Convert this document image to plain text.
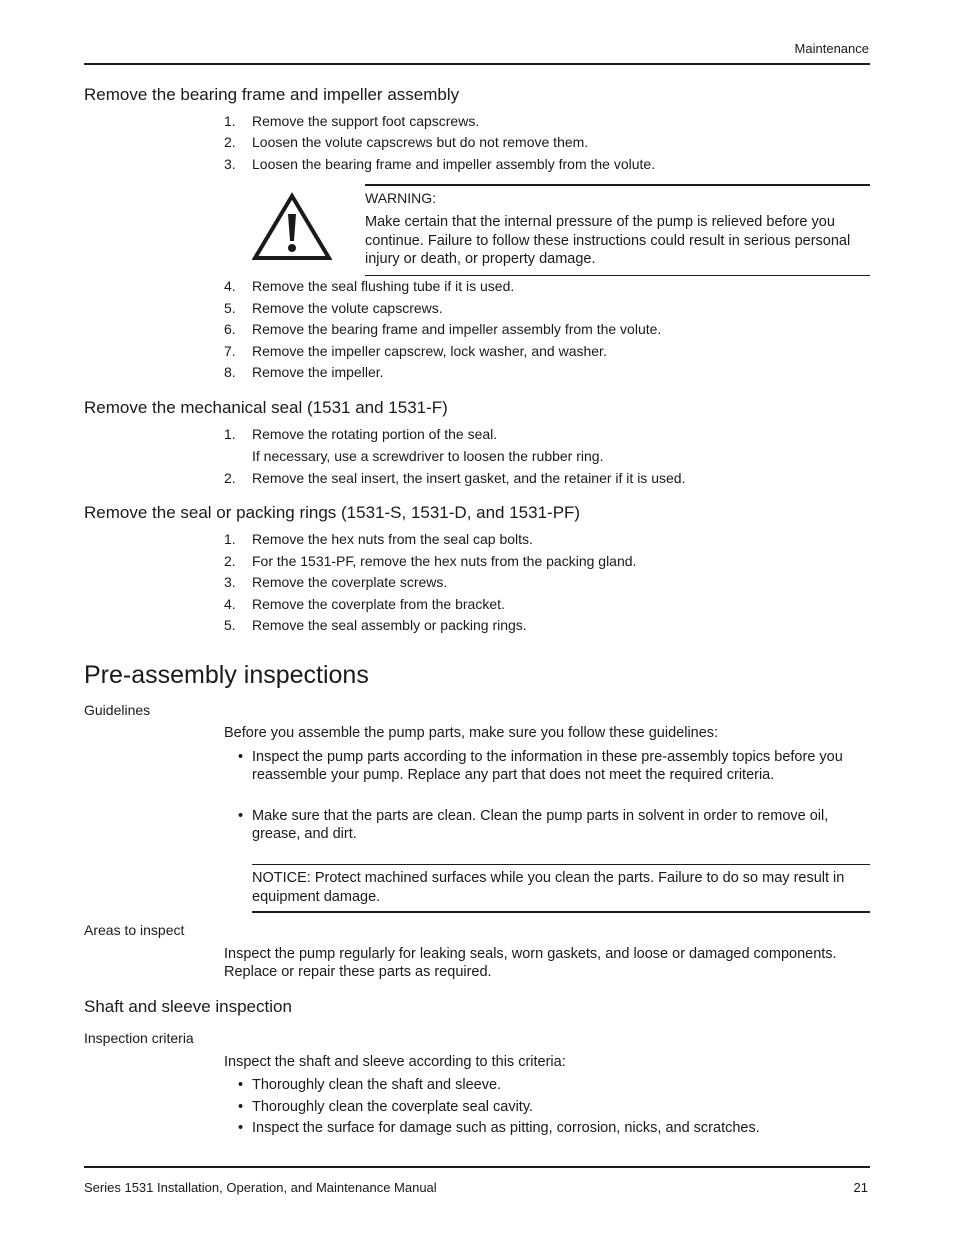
Maintenance
Remove the bearing frame and impeller assembly
1. Remove the support foot capscrews.
2. Loosen the volute capscrews but do not remove them.
3. Loosen the bearing frame and impeller assembly from the volute.
WARNING:
Make certain that the internal pressure of the pump is relieved before you continue. Failure to follow these instructions could result in serious personal injury or death, or property damage.
4. Remove the seal flushing tube if it is used.
5. Remove the volute capscrews.
6. Remove the bearing frame and impeller assembly from the volute.
7. Remove the impeller capscrew, lock washer, and washer.
8. Remove the impeller.
Remove the mechanical seal (1531 and 1531-F)
1. Remove the rotating portion of the seal.
If necessary, use a screwdriver to loosen the rubber ring.
2. Remove the seal insert, the insert gasket, and the retainer if it is used.
Remove the seal or packing rings (1531-S, 1531-D, and 1531-PF)
1. Remove the hex nuts from the seal cap bolts.
2. For the 1531-PF, remove the hex nuts from the packing gland.
3. Remove the coverplate screws.
4. Remove the coverplate from the bracket.
5. Remove the seal assembly or packing rings.
Pre-assembly inspections
Guidelines
Before you assemble the pump parts, make sure you follow these guidelines:
• Inspect the pump parts according to the information in these pre-assembly topics before you reassemble your pump. Replace any part that does not meet the required criteria.
• Make sure that the parts are clean. Clean the pump parts in solvent in order to remove oil, grease, and dirt.
NOTICE: Protect machined surfaces while you clean the parts. Failure to do so may result in equipment damage.
Areas to inspect
Inspect the pump regularly for leaking seals, worn gaskets, and loose or damaged components. Replace or repair these parts as required.
Shaft and sleeve inspection
Inspection criteria
Inspect the shaft and sleeve according to this criteria:
• Thoroughly clean the shaft and sleeve.
• Thoroughly clean the coverplate seal cavity.
• Inspect the surface for damage such as pitting, corrosion, nicks, and scratches.
Series 1531 Installation, Operation, and Maintenance Manual	21
